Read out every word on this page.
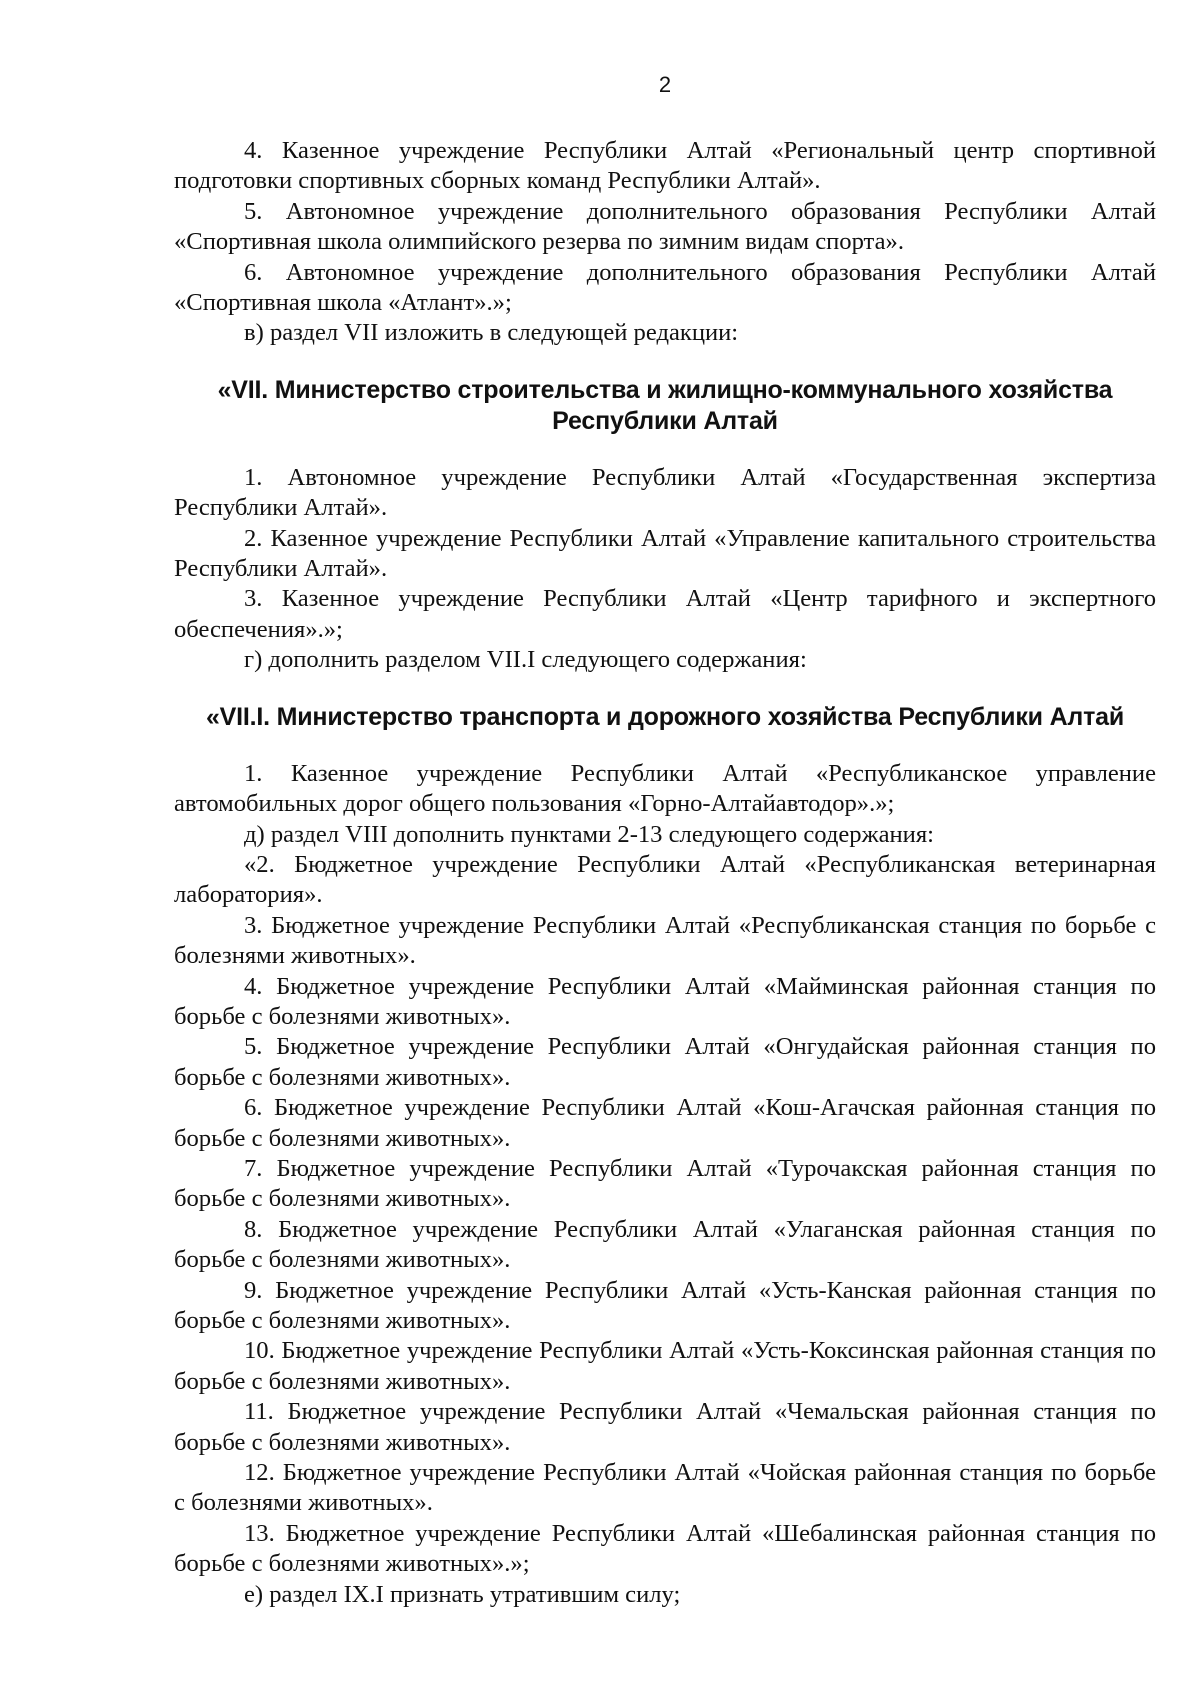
2

4. Казенное учреждение Республики Алтай «Региональный центр спортивной подготовки спортивных сборных команд Республики Алтай».

5. Автономное учреждение дополнительного образования Республики Алтай «Спортивная школа олимпийского резерва по зимним видам спорта».

6. Автономное учреждение дополнительного образования Республики Алтай «Спортивная школа «Атлант».»;

в) раздел VII изложить в следующей редакции:

«VII. Министерство строительства и жилищно-коммунального хозяйства Республики Алтай

1. Автономное учреждение Республики Алтай «Государственная экспертиза Республики Алтай».

2. Казенное учреждение Республики Алтай «Управление капитального строительства Республики Алтай».

3. Казенное учреждение Республики Алтай «Центр тарифного и экспертного обеспечения».»;

г) дополнить разделом VII.I следующего содержания:

«VII.I. Министерство транспорта и дорожного хозяйства Республики Алтай

1. Казенное учреждение Республики Алтай «Республиканское управление автомобильных дорог общего пользования «Горно-Алтайавтодор».»;

д) раздел VIII дополнить пунктами 2-13 следующего содержания:

«2. Бюджетное учреждение Республики Алтай «Республиканская ветеринарная лаборатория».

3. Бюджетное учреждение Республики Алтай «Республиканская станция по борьбе с болезнями животных».

4. Бюджетное учреждение Республики Алтай «Майминская районная станция по борьбе с болезнями животных».

5. Бюджетное учреждение Республики Алтай «Онгудайская районная станция по борьбе с болезнями животных».

6. Бюджетное учреждение Республики Алтай «Кош-Агачская районная станция по борьбе с болезнями животных».

7. Бюджетное учреждение Республики Алтай «Турочакская районная станция по борьбе с болезнями животных».

8. Бюджетное учреждение Республики Алтай «Улаганская районная станция по борьбе с болезнями животных».

9. Бюджетное учреждение Республики Алтай «Усть-Канская районная станция по борьбе с болезнями животных».

10. Бюджетное учреждение Республики Алтай «Усть-Коксинская районная станция по борьбе с болезнями животных».

11. Бюджетное учреждение Республики Алтай «Чемальская районная станция по борьбе с болезнями животных».

12. Бюджетное учреждение Республики Алтай «Чойская районная станция по борьбе с болезнями животных».

13. Бюджетное учреждение Республики Алтай «Шебалинская районная станция по борьбе с болезнями животных».»;

е) раздел IX.I признать утратившим силу;
